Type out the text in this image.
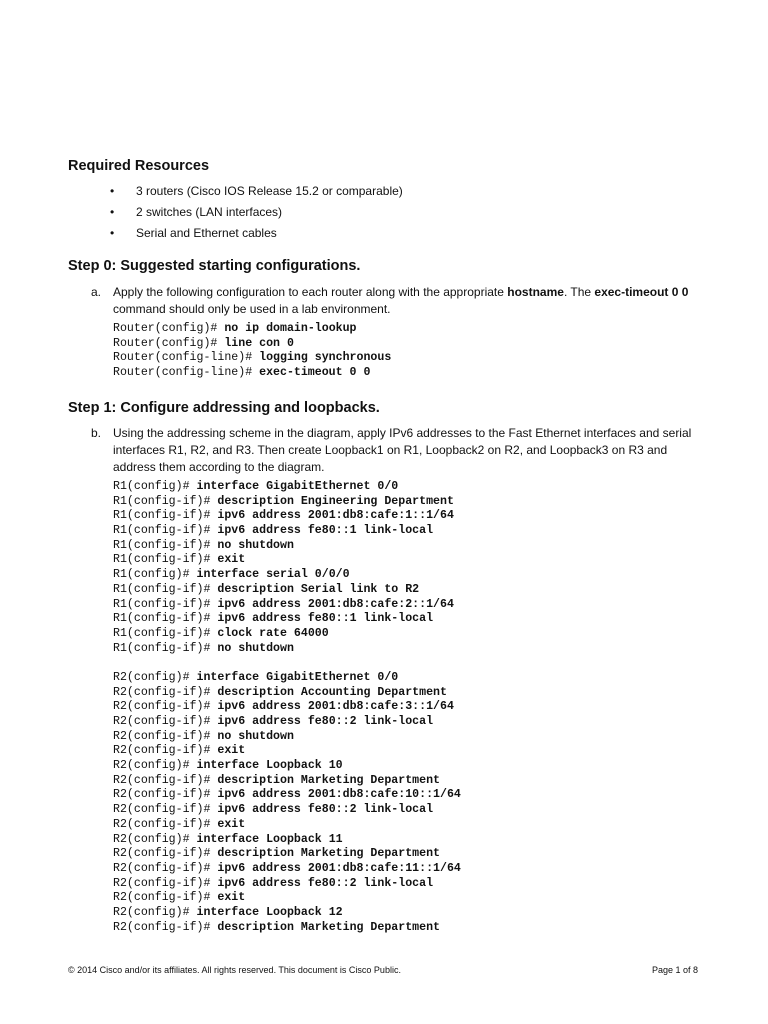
Required Resources
• 3 routers (Cisco IOS Release 15.2 or comparable)
• 2 switches (LAN interfaces)
• Serial and Ethernet cables
Step 0: Suggested starting configurations.
a. Apply the following configuration to each router along with the appropriate hostname. The exec-timeout 0 0 command should only be used in a lab environment.
Router(config)# no ip domain-lookup
Router(config)# line con 0
Router(config-line)# logging synchronous
Router(config-line)# exec-timeout 0 0
Step 1: Configure addressing and loopbacks.
b. Using the addressing scheme in the diagram, apply IPv6 addresses to the Fast Ethernet interfaces and serial interfaces R1, R2, and R3. Then create Loopback1 on R1, Loopback2 on R2, and Loopback3 on R3 and address them according to the diagram.
R1(config)# interface GigabitEthernet 0/0
R1(config-if)# description Engineering Department
R1(config-if)# ipv6 address 2001:db8:cafe:1::1/64
R1(config-if)# ipv6 address fe80::1 link-local
R1(config-if)# no shutdown
R1(config-if)# exit
R1(config)# interface serial 0/0/0
R1(config-if)# description Serial link to R2
R1(config-if)# ipv6 address 2001:db8:cafe:2::1/64
R1(config-if)# ipv6 address fe80::1 link-local
R1(config-if)# clock rate 64000
R1(config-if)# no shutdown
R2(config)# interface GigabitEthernet 0/0
R2(config-if)# description Accounting Department
R2(config-if)# ipv6 address 2001:db8:cafe:3::1/64
R2(config-if)# ipv6 address fe80::2 link-local
R2(config-if)# no shutdown
R2(config-if)# exit
R2(config)# interface Loopback 10
R2(config-if)# description Marketing Department
R2(config-if)# ipv6 address 2001:db8:cafe:10::1/64
R2(config-if)# ipv6 address fe80::2 link-local
R2(config-if)# exit
R2(config)# interface Loopback 11
R2(config-if)# description Marketing Department
R2(config-if)# ipv6 address 2001:db8:cafe:11::1/64
R2(config-if)# ipv6 address fe80::2 link-local
R2(config-if)# exit
R2(config)# interface Loopback 12
R2(config-if)# description Marketing Department
© 2014 Cisco and/or its affiliates. All rights reserved. This document is Cisco Public.	Page 1 of 8
